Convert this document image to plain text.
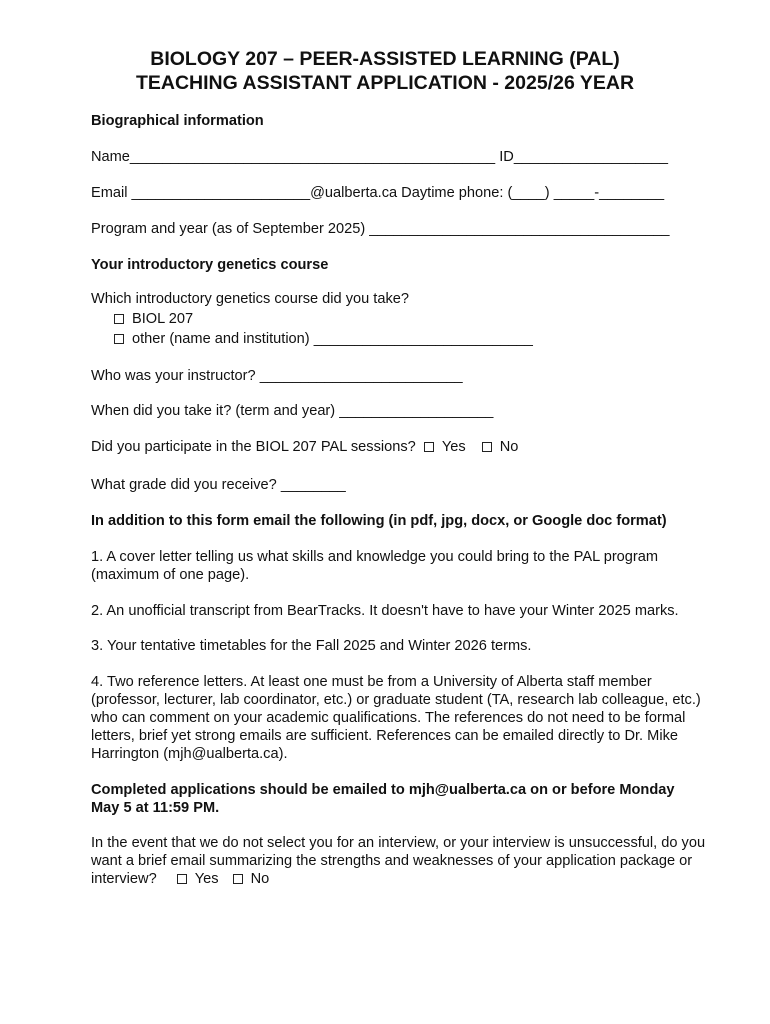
BIOLOGY 207 – PEER-ASSISTED LEARNING (PAL)
TEACHING ASSISTANT APPLICATION - 2025/26 YEAR
Biographical information
Name_____________________________________________ ID___________________
Email ______________________@ualberta.ca Daytime phone: (____) _____-________
Program and year (as of September 2025) _____________________________________
Your introductory genetics course
Which introductory genetics course did you take?
BIOL 207
other (name and institution) ___________________________
Who was your instructor? _________________________
When did you take it? (term and year) ___________________
Did you participate in the BIOL 207 PAL sessions? Yes No
What grade did you receive? ________
In addition to this form email the following (in pdf, jpg, docx, or Google doc format)
1. A cover letter telling us what skills and knowledge you could bring to the PAL program (maximum of one page).
2. An unofficial transcript from BearTracks. It doesn't have to have your Winter 2025 marks.
3. Your tentative timetables for the Fall 2025 and Winter 2026 terms.
4. Two reference letters. At least one must be from a University of Alberta staff member (professor, lecturer, lab coordinator, etc.) or graduate student (TA, research lab colleague, etc.) who can comment on your academic qualifications. The references do not need to be formal letters, brief yet strong emails are sufficient. References can be emailed directly to Dr. Mike Harrington (mjh@ualberta.ca).
Completed applications should be emailed to mjh@ualberta.ca on or before Monday May 5 at 11:59 PM.
In the event that we do not select you for an interview, or your interview is unsuccessful, do you want a brief email summarizing the strengths and weaknesses of your application package or interview?	Yes No
